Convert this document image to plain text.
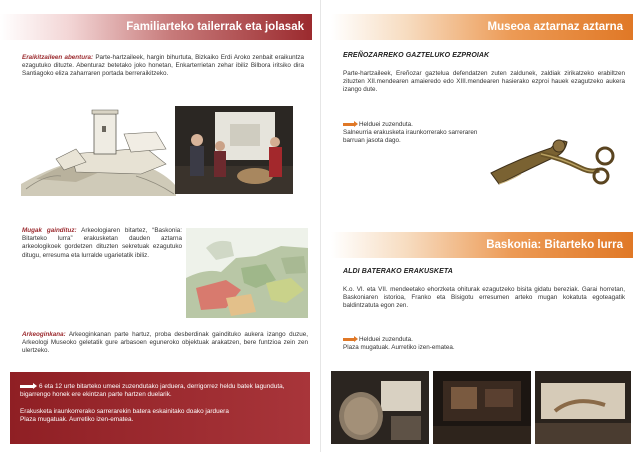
Familiarteko tailerrak eta jolasak

Eraikitzaileen abentura: Parte-hartzaileek, hargin bihurtuta, Bizkaiko Erdi Aroko zenbait eraikuntza ezagutuko dituzte. Abenturaz betetako joko honetan, Enkarterrietan zehar ibiliz Bilbora iritsiko dira Santiagoko eliza zaharraren portada berreraikitzeko.

Mugak gaindituz: Arkeologiaren bitartez, “Baskonia: Bitarteko lurra” erakusketan dauden aztarna arkeologikoek gordetzen dituzten sekretuak ezagutuko ditugu, erresuma eta lurralde ugarietatik ibiliz.

Arkeoginkana: Arkeoginkanan parte hartuz, proba desberdinak gaindituko aukera izango duzue, Arkeologi Museoko geletatik gure arbasoen eguneroko objektuak arakatzen, bere funtzioa zein zen ulertzeko.

6 eta 12 urte bitarteko umeei zuzendutako jarduera, derrigorrez heldu batek lagunduta, bigarrengo honek ere ekintzan parte hartzen duelarik.

Erakusketa iraunkorrerako sarrerarekin batera eskainitako doako jarduera

Plaza mugatuak. Aurretiko izen-ematea.

Museoa aztarnaz aztarna
EREÑOZARREKO GAZTELUKO EZPROIAK

Parte-hartzaileek, Ereñozar gaztelua defendatzen zuten zaldunek, zaldiak zirikatzeko erabiltzen zituzten XII.mendearen amaieredo edo XIII.mendearen hasierako ezproi hauek ezagutzeko aukera izango dute.

Helduei zuzenduta.
Salneurria erakusketa iraunkorrerako sarreraren barruan jasota dago.

Baskonia: Bitarteko lurra
ALDI BATERAKO ERAKUSKETA

K.o. VI. eta VII. mendeetako ehorzketa ohiturak ezagutzeko bisita gidatu bereziak. Garai horretan, Baskoniaren istorioa, Franko eta Bisigotu erresumen arteko mugan kokatuta egoteagatik baldintzatuta egon zen.

Helduei zuzenduta.
Plaza mugatuak. Aurretiko izen-ematea.
